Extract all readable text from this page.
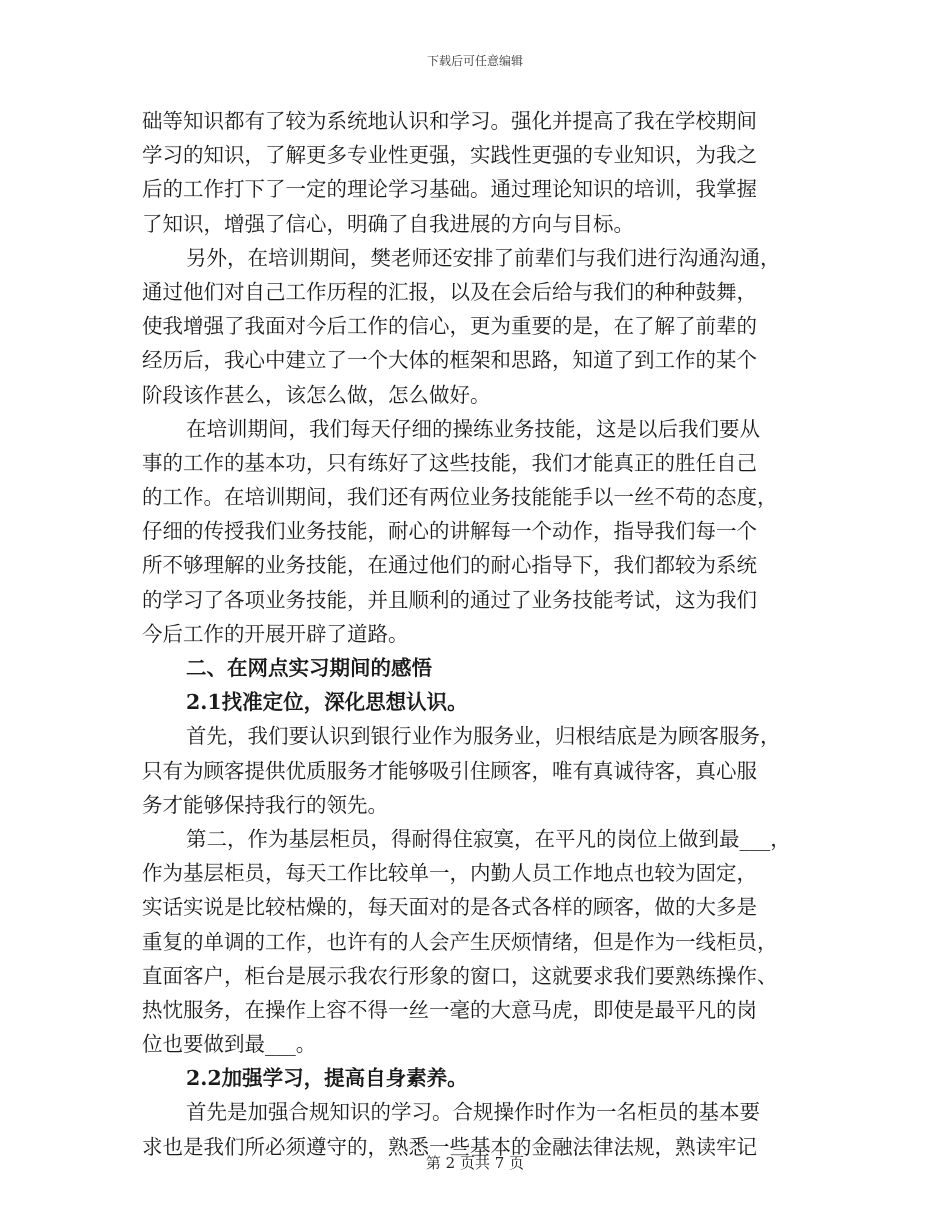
下载后可任意编辑
础等知识都有了较为系统地认识和学习。强化并提高了我在学校期间
学习的知识，了解更多专业性更强，实践性更强的专业知识，为我之
后的工作打下了一定的理论学习基础。通过理论知识的培训，我掌握
了知识，增强了信心，明确了自我进展的方向与目标。
另外，在培训期间，樊老师还安排了前辈们与我们进行沟通沟通，
通过他们对自己工作历程的汇报，以及在会后给与我们的种种鼓舞，
使我增强了我面对今后工作的信心，更为重要的是，在了解了前辈的
经历后，我心中建立了一个大体的框架和思路，知道了到工作的某个
阶段该作甚么，该怎么做，怎么做好。
在培训期间，我们每天仔细的操练业务技能，这是以后我们要从
事的工作的基本功，只有练好了这些技能，我们才能真正的胜任自己
的工作。在培训期间，我们还有两位业务技能能手以一丝不苟的态度，
仔细的传授我们业务技能，耐心的讲解每一个动作，指导我们每一个
所不够理解的业务技能，在通过他们的耐心指导下，我们都较为系统
的学习了各项业务技能，并且顺利的通过了业务技能考试，这为我们
今后工作的开展开辟了道路。
二、在网点实习期间的感悟
2.1找准定位，深化思想认识。
首先，我们要认识到银行业作为服务业，归根结底是为顾客服务，
只有为顾客提供优质服务才能够吸引住顾客，唯有真诚待客，真心服
务才能够保持我行的领先。
第二，作为基层柜员，得耐得住寂寞，在平凡的岗位上做到最___，
作为基层柜员，每天工作比较单一，内勤人员工作地点也较为固定，
实话实说是比较枯燥的，每天面对的是各式各样的顾客，做的大多是
重复的单调的工作，也许有的人会产生厌烦情绪，但是作为一线柜员，
直面客户，柜台是展示我农行形象的窗口，这就要求我们要熟练操作、
热忱服务，在操作上容不得一丝一毫的大意马虎，即使是最平凡的岗
位也要做到最___。
2.2加强学习，提高自身素养。
首先是加强合规知识的学习。合规操作时作为一名柜员的基本要
求也是我们所必须遵守的，熟悉一些基本的金融法律法规，熟读牢记
第 2 页共 7 页
